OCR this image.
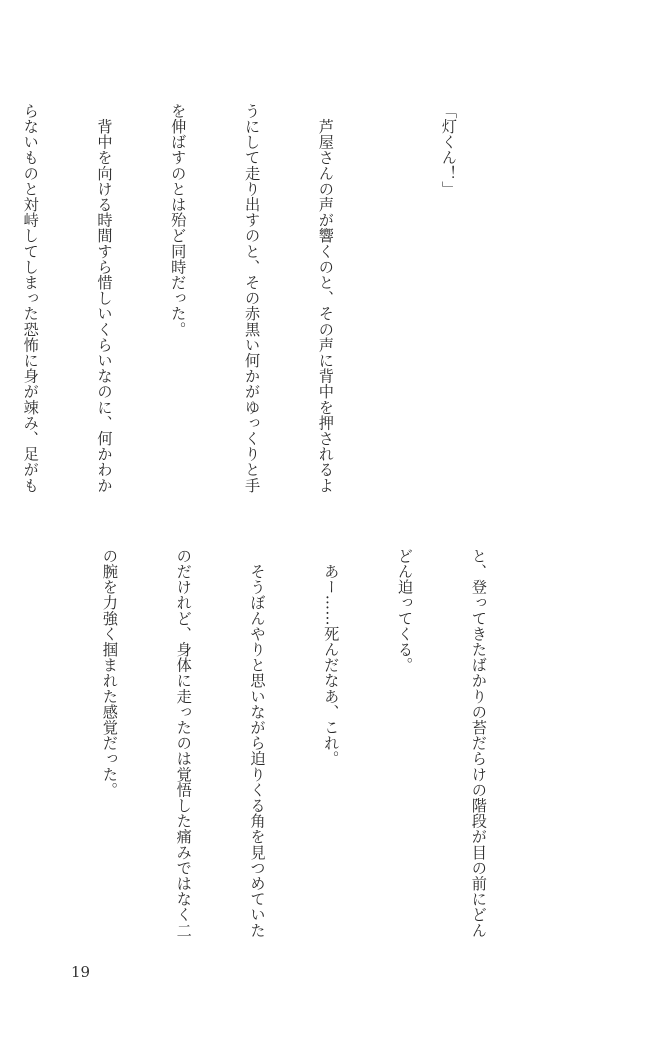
「灯くん！」

　芦屋さんの声が響くのと、その声に背中を押されるよ

うにして走り出すのと、その赤黒い何かがゆっくりと手

を伸ばすのとは殆ど同時だった。

　背中を向ける時間すら惜しいくらいなのに、何かわか

らないものと対峙してしまった恐怖に身が竦み、足がも

と、登ってきたばかりの苔だらけの階段が目の前にどん

どん迫ってくる。

　あー……死んだなあ、これ。

　そうぼんやりと思いながら迫りくる角を見つめていた

のだけれど、身体に走ったのは覚悟した痛みではなく二

の腕を力強く掴まれた感覚だった。

19
